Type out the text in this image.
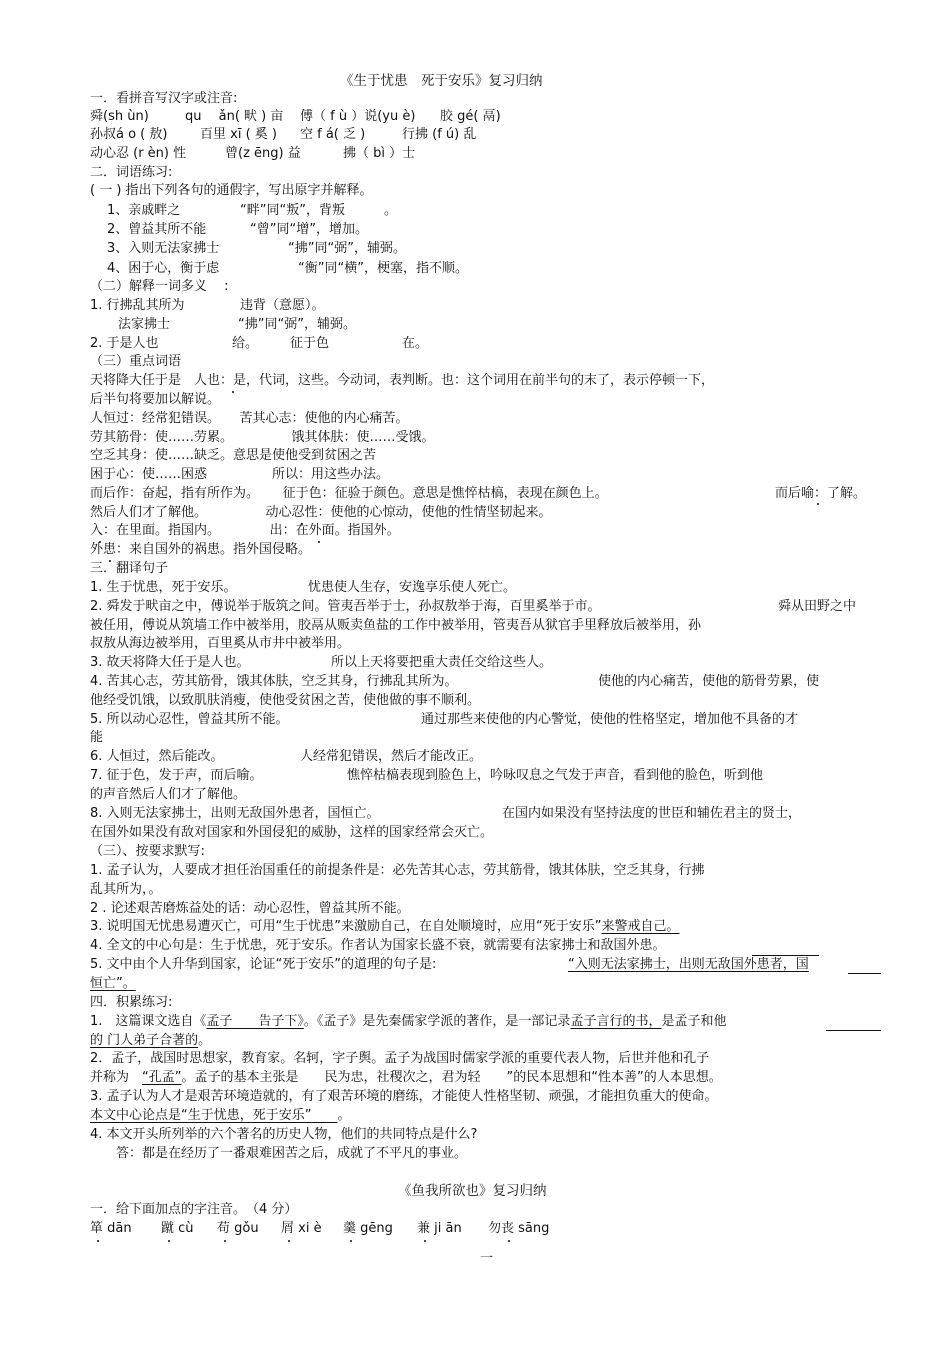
《生于忧患　死于安乐》复习归纳
一．看拼音写汉字或注音:
舜(sh ùn)	qu　 ǎn( 畎 ) 亩 傅（ f ù ）说(yu è) 胶 gé( 鬲)
孙叔á o ( 敖)	百里 xī ( 奚 ) 空 f á( 乏 )	行拂 (f ú) 乱
动心忍 (r èn) 性	曾(z ēng) 益	拂（ bì ）士
二．词语练习:
( 一 ) 指出下列各句的通假字，写出原字并解释。
1、亲戚畔之	“畔”同“叛”，背叛　　　。
2、曾益其所不能	“曾”同“增”，增加。
3、入则无法家拂士	“拂”同“弼”，辅弼。
4、困于心，衡于虑	“衡”同“横”，梗塞，指不顺。
（二）解释一词多义　 :
1. 行拂乱其所为	违背（意愿）。
法家拂士	“拂”同“弼”，辅弼。
2. 于是人也	给。 征于色	在。
（三）重点词语
天将降大任于是　人也：是，代词，这些。今动词，表判断。也：这个词用在前半句的末了，表示停顿一下，
后半句将要加以解说。
人恒过：经常犯错误。　　苦其心志：使他的内心痛苦。
劳其筋骨：使……劳累。　　　　　饿其体肤：使……受饿。
空乏其身：使……缺乏。意思是使他受到贫困之苦
困于心：使……困惑　　　　　所以：用这些办法。
而后作：奋起，指有所作为。　　 征于色：征验于颜色。意思是憔悴枯槁，表现在颜色上。	而后喻：了解。
然后人们才了解他。　　　　　动心忍性：使他的心惊动，使他的性情坚韧起来。
入：在里面。指国内。　　　　 出：在外面。指国外。
外患：来自国外的祸患。指外国侵略。
三．翻译句子
1. 生于忧患，死于安乐。	忧患使人生存，安逸享乐使人死亡。
2. 舜发于畎亩之中，傅说举于版筑之间。管夷吾举于士，孙叔敖举于海，百里奚举于市。	舜从田野之中
被任用，傅说从筑墙工作中被举用，胶鬲从贩卖鱼盐的工作中被举用，管夷吾从狱官手里释放后被举用，孙
叔敖从海边被举用，百里奚从市井中被举用。
3. 故天将降大任于是人也。	所以上天将要把重大责任交给这些人。
4. 苦其心志，劳其筋骨，饿其体肤，空乏其身，行拂乱其所为。	使他的内心痛苦，使他的筋骨劳累，使
他经受饥饿，以致肌肤消瘦，使他受贫困之苦，使他做的事不顺利。
5. 所以动心忍性，曾益其所不能。	通过那些来使他的内心警觉，使他的性格坚定，增加他不具备的才
能
6. 人恒过，然后能改。	人经常犯错误，然后才能改正。
7. 征于色，发于声，而后喻。	憔悴枯槁表现到脸色上，吟咏叹息之气发于声音，看到他的脸色，听到他
的声音然后人们才了解他。
8. 入则无法家拂士，出则无敌国外患者，国恒亡。	在国内如果没有坚持法度的世臣和辅佐君主的贤士，
在国外如果没有敌对国家和外国侵犯的威胁，这样的国家经常会灭亡。
（三）、按要求默写:
1. 孟子认为，人要成才担任治国重任的前提条件是：必先苦其心志，劳其筋骨，饿其体肤，空乏其身，行拂
乱其所为，。
2 . 论述艰苦磨炼益处的话：动心忍性，曾益其所不能。
3. 说明国无忧患易遭灭亡，可用“生于忧患”来激励自己，在自处顺境时，应用“死于安乐”来警戒自己。
4. 全文的中心句是：生于忧患，死于安乐。作者认为国家长盛不衰，就需要有法家拂士和敌国外患。
5. 文中由个人升华到国家，论证“死于安乐”的道理的句子是:	“入则无法家拂士，出则无敌国外患者，国
恒亡”。
四．积累练习:
1.　这篇课文选自《孟子　　告子下》。《孟子》是先秦儒家学派的著作，是一部记录孟子言行的书，是孟子和他
的 门人弟子合著的。
2．孟子，战国时思想家，教育家。名轲，字子舆。孟子为战国时儒家学派的重要代表人物，后世并他和孔子
并称为　 “孔孟”。孟子的基本主张是　　民为忠，社稷次之，君为轻　　”的民本思想和“性本善”的人本思想。
3. 孟子认为人才是艰苦环境造就的，有了艰苦环境的磨练，才能使人性格坚韧、顽强，才能担负重大的使命。
本文中心论点是“生于忧患，死于安乐”　　 。
4. 本文开头所列举的六个著名的历史人物，他们的共同特点是什么?
答：都是在经历了一番艰难困苦之后，成就了不平凡的事业。
《鱼我所欲也》复习归纳
一．给下面加点的字注音。　（4 分）
箪 dān 蹴 cù 苟 gǒu 屑 xi è 羹 gēng 兼 ji ān 勿丧 sāng
一
